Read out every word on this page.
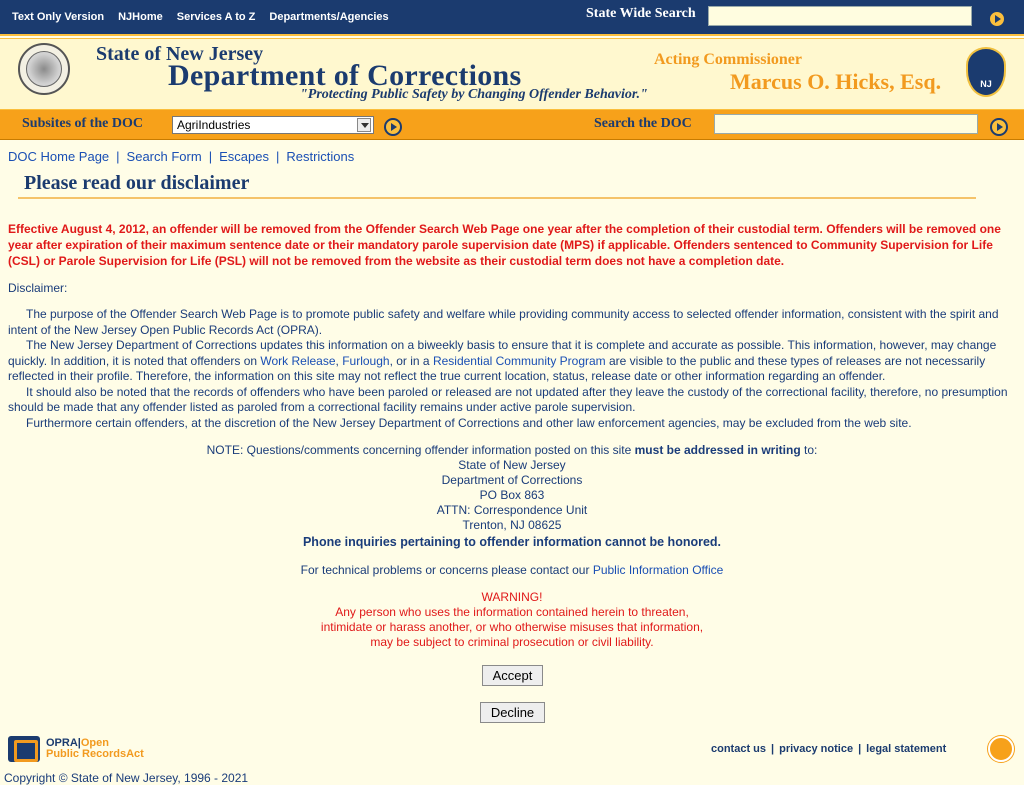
Text Only Version NJHome Services A to Z Departments/Agencies	State Wide Search
State of New Jersey
Department of Corrections
"Protecting Public Safety by Changing Offender Behavior."
Acting Commissioner
Marcus O. Hicks, Esq.	NJ
Subsites of the DOC	AgriIndustries	Search the DOC
DOC Home Page | Search Form | Escapes | Restrictions
Please read our disclaimer
Effective August 4, 2012, an offender will be removed from the Offender Search Web Page one year after the completion of their custodial term. Offenders will be removed one year after expiration of their maximum sentence date or their mandatory parole supervision date (MPS) if applicable. Offenders sentenced to Community Supervision for Life (CSL) or Parole Supervision for Life (PSL) will not be removed from the website as their custodial term does not have a completion date.
Disclaimer:

The purpose of the Offender Search Web Page is to promote public safety and welfare while providing community access to selected offender information, consistent with the spirit and intent of the New Jersey Open Public Records Act (OPRA).

The New Jersey Department of Corrections updates this information on a biweekly basis to ensure that it is complete and accurate as possible. This information, however, may change quickly. In addition, it is noted that offenders on Work Release, Furlough, or in a Residential Community Program are visible to the public and these types of releases are not necessarily reflected in their profile. Therefore, the information on this site may not reflect the true current location, status, release date or other information regarding an offender.

It should also be noted that the records of offenders who have been paroled or released are not updated after they leave the custody of the correctional facility, therefore, no presumption should be made that any offender listed as paroled from a correctional facility remains under active parole supervision.

Furthermore certain offenders, at the discretion of the New Jersey Department of Corrections and other law enforcement agencies, may be excluded from the web site.

NOTE: Questions/comments concerning offender information posted on this site must be addressed in writing to:
State of New Jersey
Department of Corrections
PO Box 863
ATTN: Correspondence Unit
Trenton, NJ 08625
Phone inquiries pertaining to offender information cannot be honored.
For technical problems or concerns please contact our Public Information Office
WARNING!
Any person who uses the information contained herein to threaten,
intimidate or harass another, or who otherwise misuses that information,
may be subject to criminal prosecution or civil liability.
Accept
Decline
OPRA|Open
Public RecordsAct	contact us | privacy notice | legal statement
Copyright © State of New Jersey, 1996 - 2021
